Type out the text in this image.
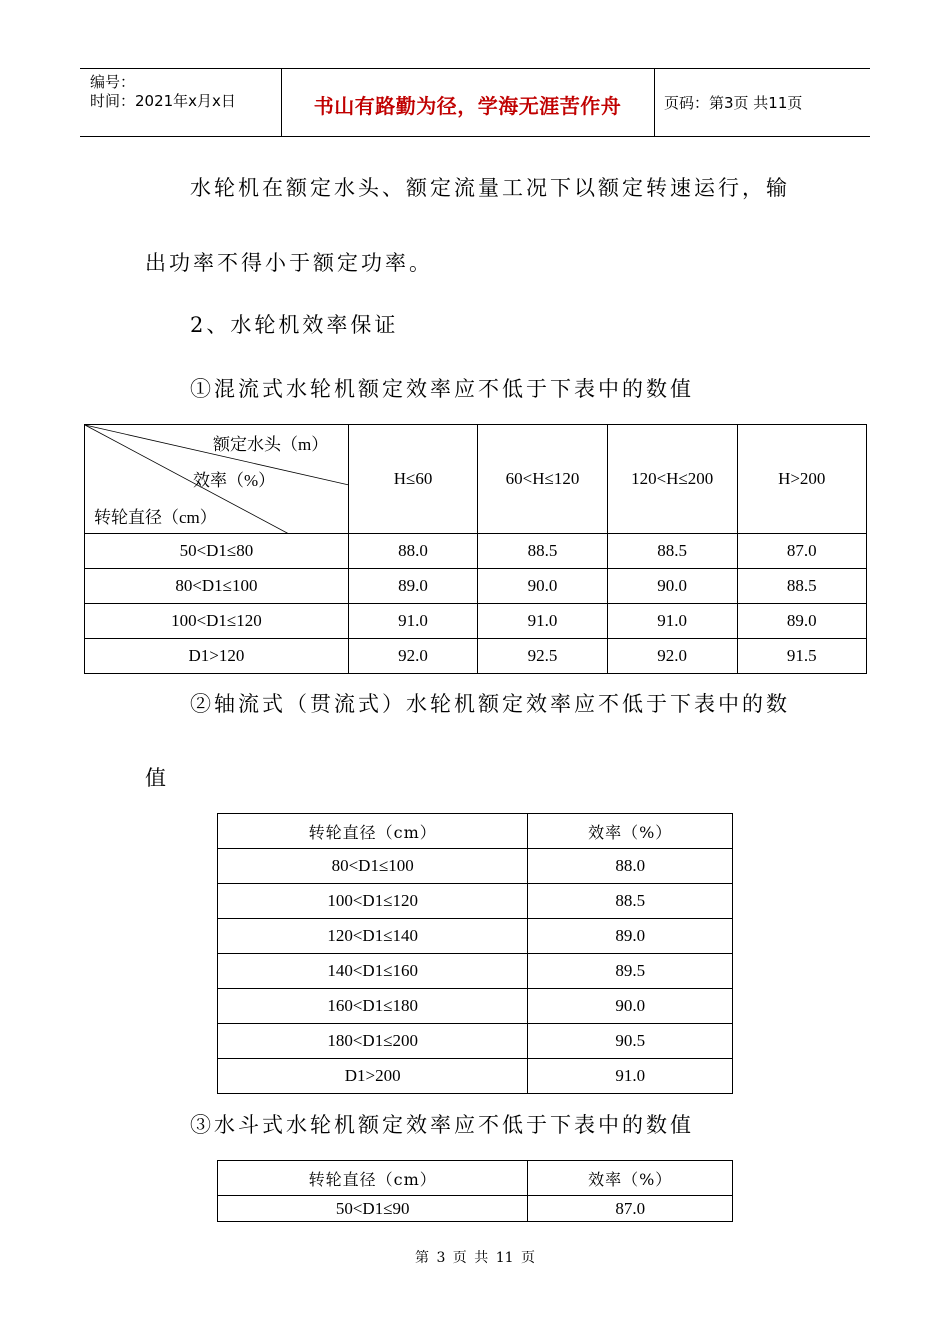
编号：
时间：2021年x月x日	书山有路勤为径，学海无涯苦作舟	页码：第3页 共11页
水轮机在额定水头、额定流量工况下以额定转速运行，输
出功率不得小于额定功率。
2、水轮机效率保证
①混流式水轮机额定效率应不低于下表中的数值
额定水头（m）
效率（%）
转轮直径（cm）	H≤60	60<H≤120	120<H≤200	H>200
50<D1≤80	88.0	88.5	88.5	87.0
80<D1≤100	89.0	90.0	90.0	88.5
100<D1≤120	91.0	91.0	91.0	89.0
D1>120	92.0	92.5	92.0	91.5
②轴流式（贯流式）水轮机额定效率应不低于下表中的数
值
转轮直径（cm）	效率（%）
80<D1≤100	88.0
100<D1≤120	88.5
120<D1≤140	89.0
140<D1≤160	89.5
160<D1≤180	90.0
180<D1≤200	90.5
D1>200	91.0
③水斗式水轮机额定效率应不低于下表中的数值
转轮直径（cm）	效率（%）
50<D1≤90	87.0
第 3 页 共 11 页
